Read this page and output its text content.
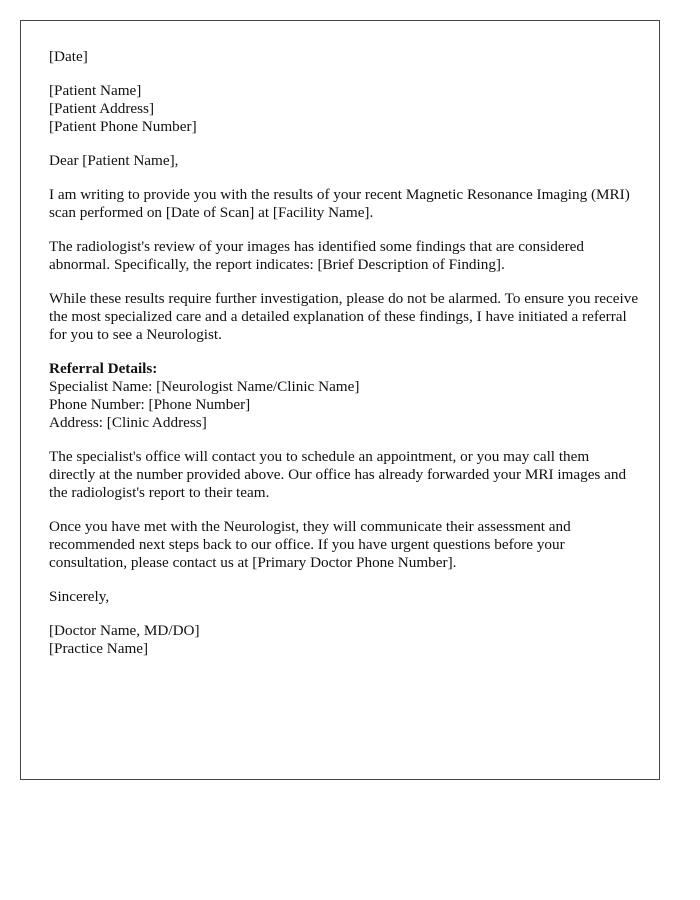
[Date]
[Patient Name]
[Patient Address]
[Patient Phone Number]

Dear [Patient Name],

I am writing to provide you with the results of your recent Magnetic Resonance Imaging (MRI) scan performed on [Date of Scan] at [Facility Name].

The radiologist's review of your images has identified some findings that are considered abnormal. Specifically, the report indicates: [Brief Description of Finding].

While these results require further investigation, please do not be alarmed. To ensure you receive the most specialized care and a detailed explanation of these findings, I have initiated a referral for you to see a Neurologist.

Referral Details:
Specialist Name: [Neurologist Name/Clinic Name]
Phone Number: [Phone Number]
Address: [Clinic Address]

The specialist's office will contact you to schedule an appointment, or you may call them directly at the number provided above. Our office has already forwarded your MRI images and the radiologist's report to their team.

Once you have met with the Neurologist, they will communicate their assessment and recommended next steps back to our office. If you have urgent questions before your consultation, please contact us at [Primary Doctor Phone Number].

Sincerely,

[Doctor Name, MD/DO]
[Practice Name]
